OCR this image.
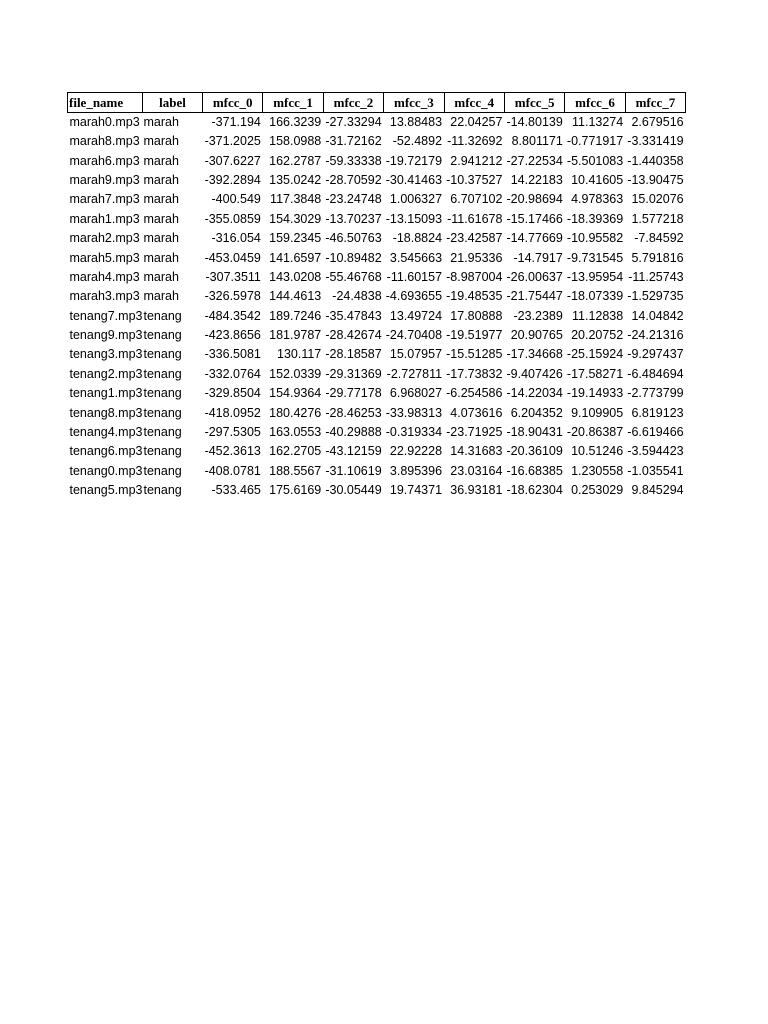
file_name	label	mfcc_0	mfcc_1	mfcc_2	mfcc_3	mfcc_4	mfcc_5	mfcc_6	mfcc_7
marah0.mp3	marah	-371.194	166.3239	-27.33294	13.88483	22.04257	-14.80139	11.13274	2.679516
marah8.mp3	marah	-371.2025	158.0988	-31.72162	-52.4892	-11.32692	8.801171	-0.771917	-3.331419
marah6.mp3	marah	-307.6227	162.2787	-59.33338	-19.72179	2.941212	-27.22534	-5.501083	-1.440358
marah9.mp3	marah	-392.2894	135.0242	-28.70592	-30.41463	-10.37527	14.22183	10.41605	-13.90475
marah7.mp3	marah	-400.549	117.3848	-23.24748	1.006327	6.707102	-20.98694	4.978363	15.02076
marah1.mp3	marah	-355.0859	154.3029	-13.70237	-13.15093	-11.61678	-15.17466	-18.39369	1.577218
marah2.mp3	marah	-316.054	159.2345	-46.50763	-18.8824	-23.42587	-14.77669	-10.95582	-7.84592
marah5.mp3	marah	-453.0459	141.6597	-10.89482	3.545663	21.95336	-14.7917	-9.731545	5.791816
marah4.mp3	marah	-307.3511	143.0208	-55.46768	-11.60157	-8.987004	-26.00637	-13.95954	-11.25743
marah3.mp3	marah	-326.5978	144.4613	-24.4838	-4.693655	-19.48535	-21.75447	-18.07339	-1.529735
tenang7.mp3	tenang	-484.3542	189.7246	-35.47843	13.49724	17.80888	-23.2389	11.12838	14.04842
tenang9.mp3	tenang	-423.8656	181.9787	-28.42674	-24.70408	-19.51977	20.90765	20.20752	-24.21316
tenang3.mp3	tenang	-336.5081	130.117	-28.18587	15.07957	-15.51285	-17.34668	-25.15924	-9.297437
tenang2.mp3	tenang	-332.0764	152.0339	-29.31369	-2.727811	-17.73832	-9.407426	-17.58271	-6.484694
tenang1.mp3	tenang	-329.8504	154.9364	-29.77178	6.968027	-6.254586	-14.22034	-19.14933	-2.773799
tenang8.mp3	tenang	-418.0952	180.4276	-28.46253	-33.98313	4.073616	6.204352	9.109905	6.819123
tenang4.mp3	tenang	-297.5305	163.0553	-40.29888	-0.319334	-23.71925	-18.90431	-20.86387	-6.619466
tenang6.mp3	tenang	-452.3613	162.2705	-43.12159	22.92228	14.31683	-20.36109	10.51246	-3.594423
tenang0.mp3	tenang	-408.0781	188.5567	-31.10619	3.895396	23.03164	-16.68385	1.230558	-1.035541
tenang5.mp3	tenang	-533.465	175.6169	-30.05449	19.74371	36.93181	-18.62304	0.253029	9.845294
